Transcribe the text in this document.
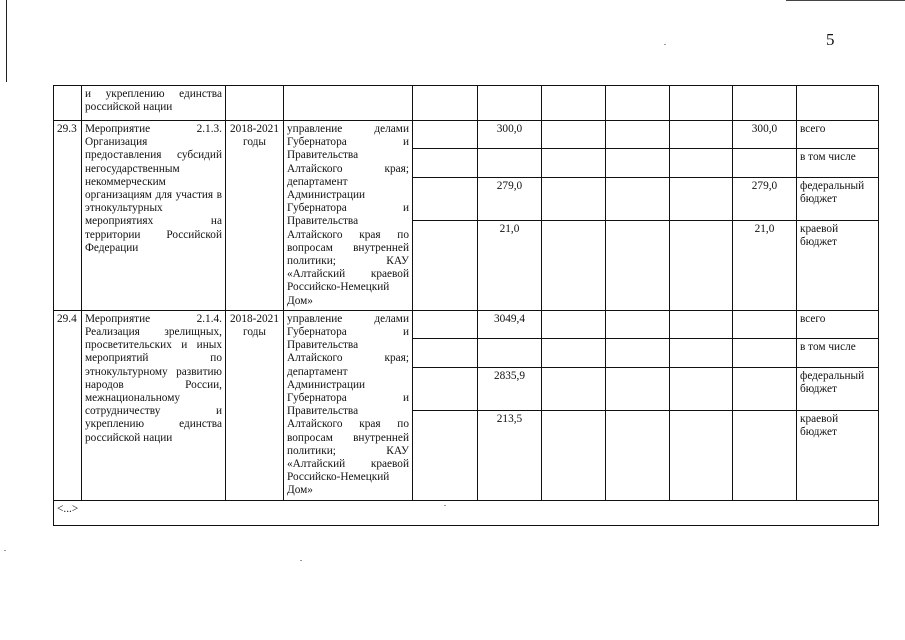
5
	и укреплению единства российской нации									
29.3	Мероприятие 2.1.3. Организация предоставления субсидий негосударственным некоммерческим организациям для участия в этнокультурных мероприятиях на территории Российской Федерации	2018-2021 годы	управление делами Губернатора и Правительства Алтайского края; департамент Администрации Губернатора и Правительства Алтайского края по вопросам внутренней политики; КАУ «Алтайский краевой Российско-Немецкий Дом»		300,0				300,0	всего
										в том числе
					279,0				279,0	федеральный бюджет
					21,0				21,0	краевой бюджет
29.4	Мероприятие 2.1.4. Реализация зрелищных, просветительских и иных мероприятий по этнокультурному развитию народов России, межнациональному сотрудничеству и укреплению единства российской нации	2018-2021 годы	управление делами Губернатора и Правительства Алтайского края; департамент Администрации Губернатора и Правительства Алтайского края по вопросам внутренней политики; КАУ «Алтайский краевой Российско-Немецкий Дом»		3049,4					всего
										в том числе
					2835,9					федеральный бюджет
					213,5					краевой бюджет
<...>										
